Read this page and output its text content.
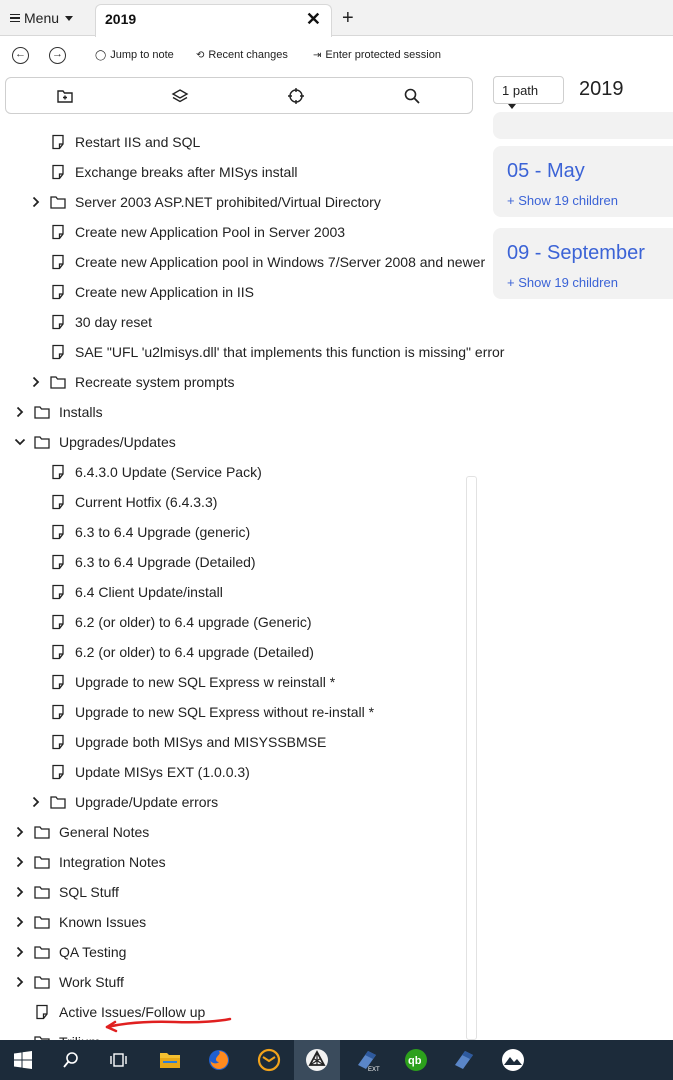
Menu	2019	✕ +
← →	◯ Jump to note ⟲ Recent changes	⇥ Enter protected session
Restart IIS and SQL
Exchange breaks after MISys install
Server 2003 ASP.NET prohibited/Virtual Directory
Create new Application Pool in Server 2003
Create new Application pool in Windows 7/Server 2008 and newer
Create new Application in IIS
30 day reset
SAE "UFL 'u2lmisys.dll' that implements this function is missing" error
Recreate system prompts
Installs
Upgrades/Updates
6.4.3.0 Update (Service Pack)
Current Hotfix (6.4.3.3)
6.3 to 6.4 Upgrade (generic)
6.3 to 6.4 Upgrade (Detailed)
6.4 Client Update/install
6.2 (or older) to 6.4 upgrade (Generic)
6.2 (or older) to 6.4 upgrade (Detailed)
Upgrade to new SQL Express w reinstall *
Upgrade to new SQL Express without re-install *
Upgrade both MISys and MISYSSBMSE
Update MISys EXT (1.0.0.3)
Upgrade/Update errors
General Notes
Integration Notes
SQL Stuff
Known Issues
QA Testing
Work Stuff
Active Issues/Follow up
1 path	2019
05 - May
+ Show 19 children
09 - September
+ Show 19 children
EXT
qb
